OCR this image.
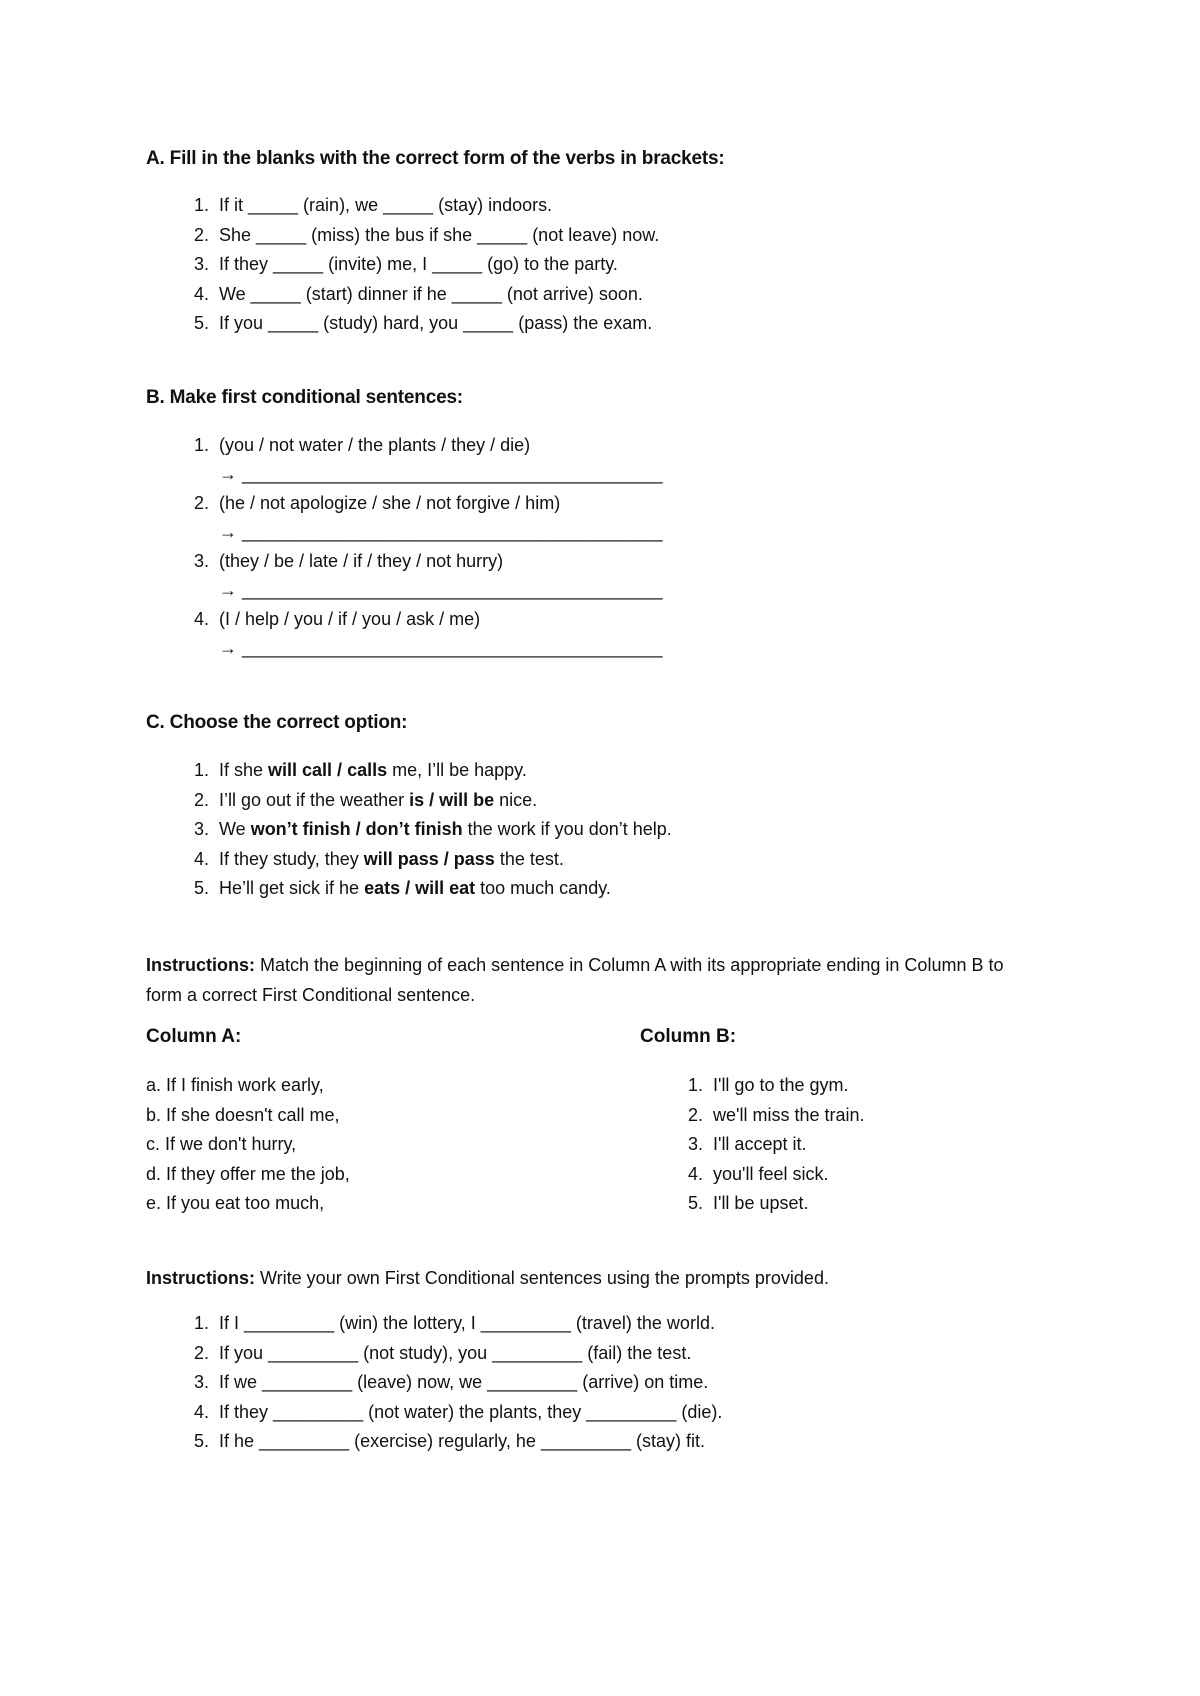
A. Fill in the blanks with the correct form of the verbs in brackets:
1. If it _____ (rain), we _____ (stay) indoors.
2. She _____ (miss) the bus if she _____ (not leave) now.
3. If they _____ (invite) me, I _____ (go) to the party.
4. We _____ (start) dinner if he _____ (not arrive) soon.
5. If you _____ (study) hard, you _____ (pass) the exam.
B. Make first conditional sentences:
1. (you / not water / the plants / they / die)
→ __________________________________________
2. (he / not apologize / she / not forgive / him)
→ __________________________________________
3. (they / be / late / if / they / not hurry)
→ __________________________________________
4. (I / help / you / if / you / ask / me)
→ __________________________________________
C. Choose the correct option:
1. If she will call / calls me, I’ll be happy.
2. I’ll go out if the weather is / will be nice.
3. We won’t finish / don’t finish the work if you don’t help.
4. If they study, they will pass / pass the test.
5. He’ll get sick if he eats / will eat too much candy.
Instructions: Match the beginning of each sentence in Column A with its appropriate ending in Column B to form a correct First Conditional sentence.
Column A:	Column B:
a. If I finish work early,
b. If she doesn't call me,
c. If we don't hurry,
d. If they offer me the job,
e. If you eat too much,
1. I'll go to the gym.
2. we'll miss the train.
3. I'll accept it.
4. you'll feel sick.
5. I'll be upset.
Instructions: Write your own First Conditional sentences using the prompts provided.
1. If I _________ (win) the lottery, I _________ (travel) the world.
2. If you _________ (not study), you _________ (fail) the test.
3. If we _________ (leave) now, we _________ (arrive) on time.
4. If they _________ (not water) the plants, they _________ (die).
5. If he _________ (exercise) regularly, he _________ (stay) fit.
